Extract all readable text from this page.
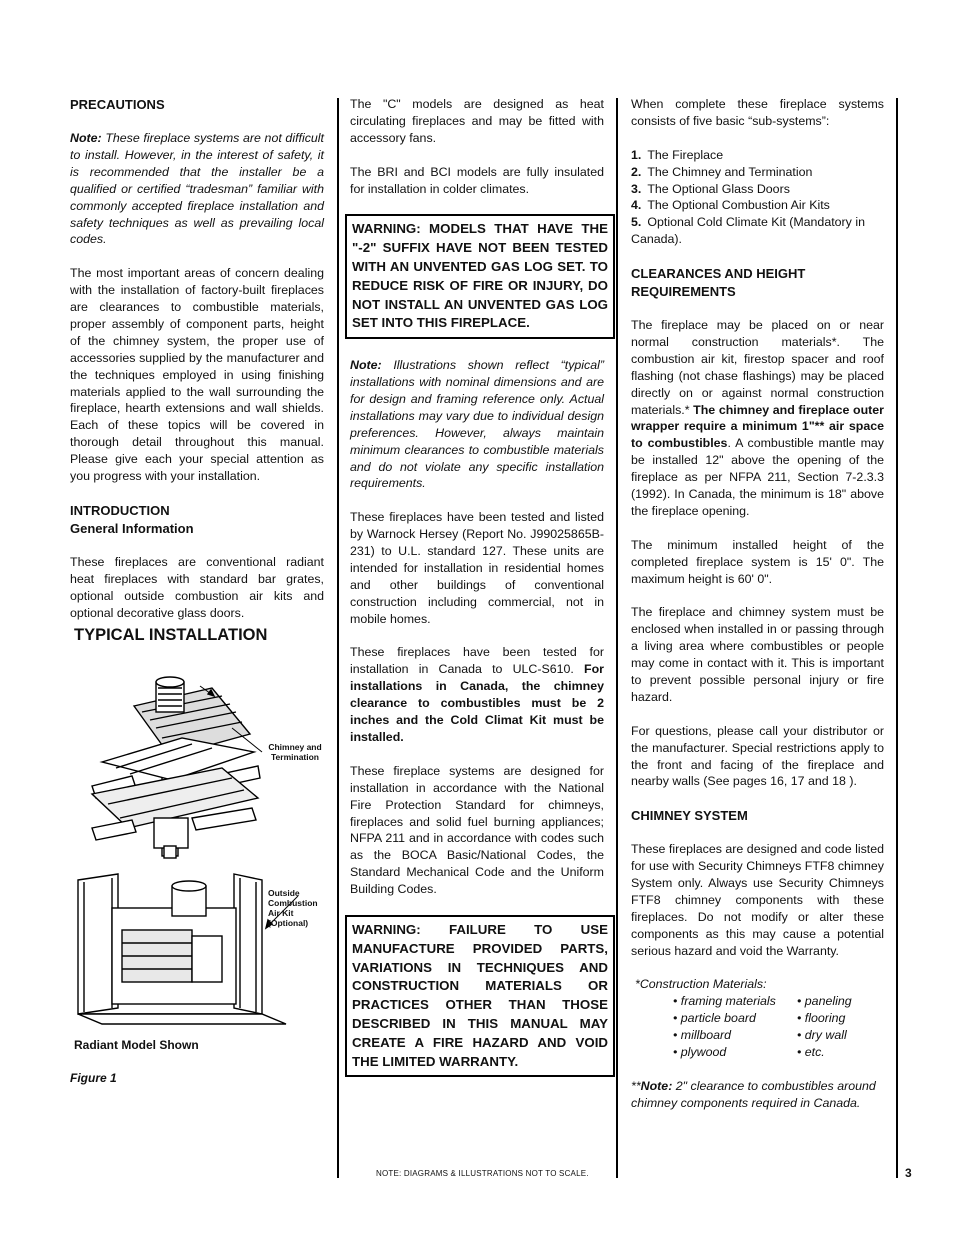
PRECAUTIONS

Note: These fireplace systems are not difficult to install. However, in the interest of safety, it is recommended that the installer be a qualified or certified “tradesman” familiar with commonly accepted fireplace installation and safety techniques as well as prevailing local codes.

The most important areas of concern dealing with the installation of factory-built fireplaces are clearances to combustible materials, proper assembly of component parts, height of the chimney system, the proper use of accessories supplied by the manufacturer and the techniques employed in using finishing materials applied to the wall surrounding the fireplace, hearth extensions and wall shields. Each of these topics will be covered in thorough detail throughout this manual. Please give each your special attention as you progress with your installation.

INTRODUCTION
General Information

These fireplaces are conventional radiant heat fireplaces with standard bar grates, optional outside combustion air kits and optional decorative glass doors.

TYPICAL INSTALLATION
Chimney and Termination
Outside Combustion Air Kit (Optional)
Radiant Model Shown
Figure 1

The "C" models are designed as heat circulating fireplaces and may be fitted with accessory fans.

The BRI and BCI models are fully insulated for installation in colder climates.

WARNING: MODELS THAT HAVE THE "-2" SUFFIX HAVE NOT BEEN TESTED WITH AN UNVENTED GAS LOG SET. TO REDUCE RISK OF FIRE OR INJURY, DO NOT INSTALL AN UNVENTED GAS LOG SET INTO THIS FIREPLACE.

Note: Illustrations shown reflect “typical” installations with nominal dimensions and are for design and framing reference only. Actual installations may vary due to individual design preferences. However, always maintain minimum clearances to combustible materials and do not violate any specific installation requirements.

These fireplaces have been tested and listed by Warnock Hersey (Report No. J99025865B-231) to U.L. standard 127. These units are intended for installation in residential homes and other buildings of conventional construction including commercial, not in mobile homes.

These fireplaces have been tested for installation in Canada to ULC-S610. For installations in Canada, the chimney clearance to combustibles must be 2 inches and the Cold Climat Kit must be installed.

These fireplace systems are designed for installation in accordance with the National Fire Protection Standard for chimneys, fireplaces and solid fuel burning appliances; NFPA 211 and in accordance with codes such as the BOCA Basic/National Codes, the Standard Mechanical Code and the Uniform Building Codes.

WARNING: FAILURE TO USE MANUFACTURE PROVIDED PARTS, VARIATIONS IN TECHNIQUES AND CONSTRUCTION MATERIALS OR PRACTICES OTHER THAN THOSE DESCRIBED IN THIS MANUAL MAY CREATE A FIRE HAZARD AND VOID THE LIMITED WARRANTY.

When complete these fireplace systems consists of five basic “sub-systems”:

1. The Fireplace
2. The Chimney and Termination
3. The Optional Glass Doors
4. The Optional Combustion Air Kits
5. Optional Cold Climate Kit (Mandatory in Canada).
CLEARANCES AND HEIGHT REQUIREMENTS

The fireplace may be placed on or near normal construction materials*. The combustion air kit, firestop spacer and roof flashing (not chase flashings) may be placed directly on or against normal construction materials.* The chimney and fireplace outer wrapper require a minimum 1"** air space to combustibles. A combustible mantle may be installed 12" above the opening of the fireplace as per NFPA 211, Section 7-2.3.3 (1992). In Canada, the minimum is 18" above the fireplace opening.

The minimum installed height of the completed fireplace system is 15' 0". The maximum height is 60' 0".

The fireplace and chimney system must be enclosed when installed in or passing through a living area where combustibles or people may come in contact with it. This is important to prevent possible personal injury or fire hazard.

For questions, please call your distributor or the manufacturer. Special restrictions apply to the front and facing of the fireplace and nearby walls (See pages 16, 17 and 18 ).

CHIMNEY SYSTEM

These fireplaces are designed and code listed for use with Security Chimneys FTF8 chimney System only. Always use Security Chimneys FTF8 chimney components with these fireplaces. Do not modify or alter these components as this may cause a potential serious hazard and void the Warranty.

*Construction Materials:
• framing materials	• paneling
• particle board	• flooring
• millboard	• dry wall
• plywood	• etc.

**Note: 2" clearance to combustibles around chimney components required in Canada.

NOTE: DIAGRAMS & ILLUSTRATIONS NOT TO SCALE.	3
